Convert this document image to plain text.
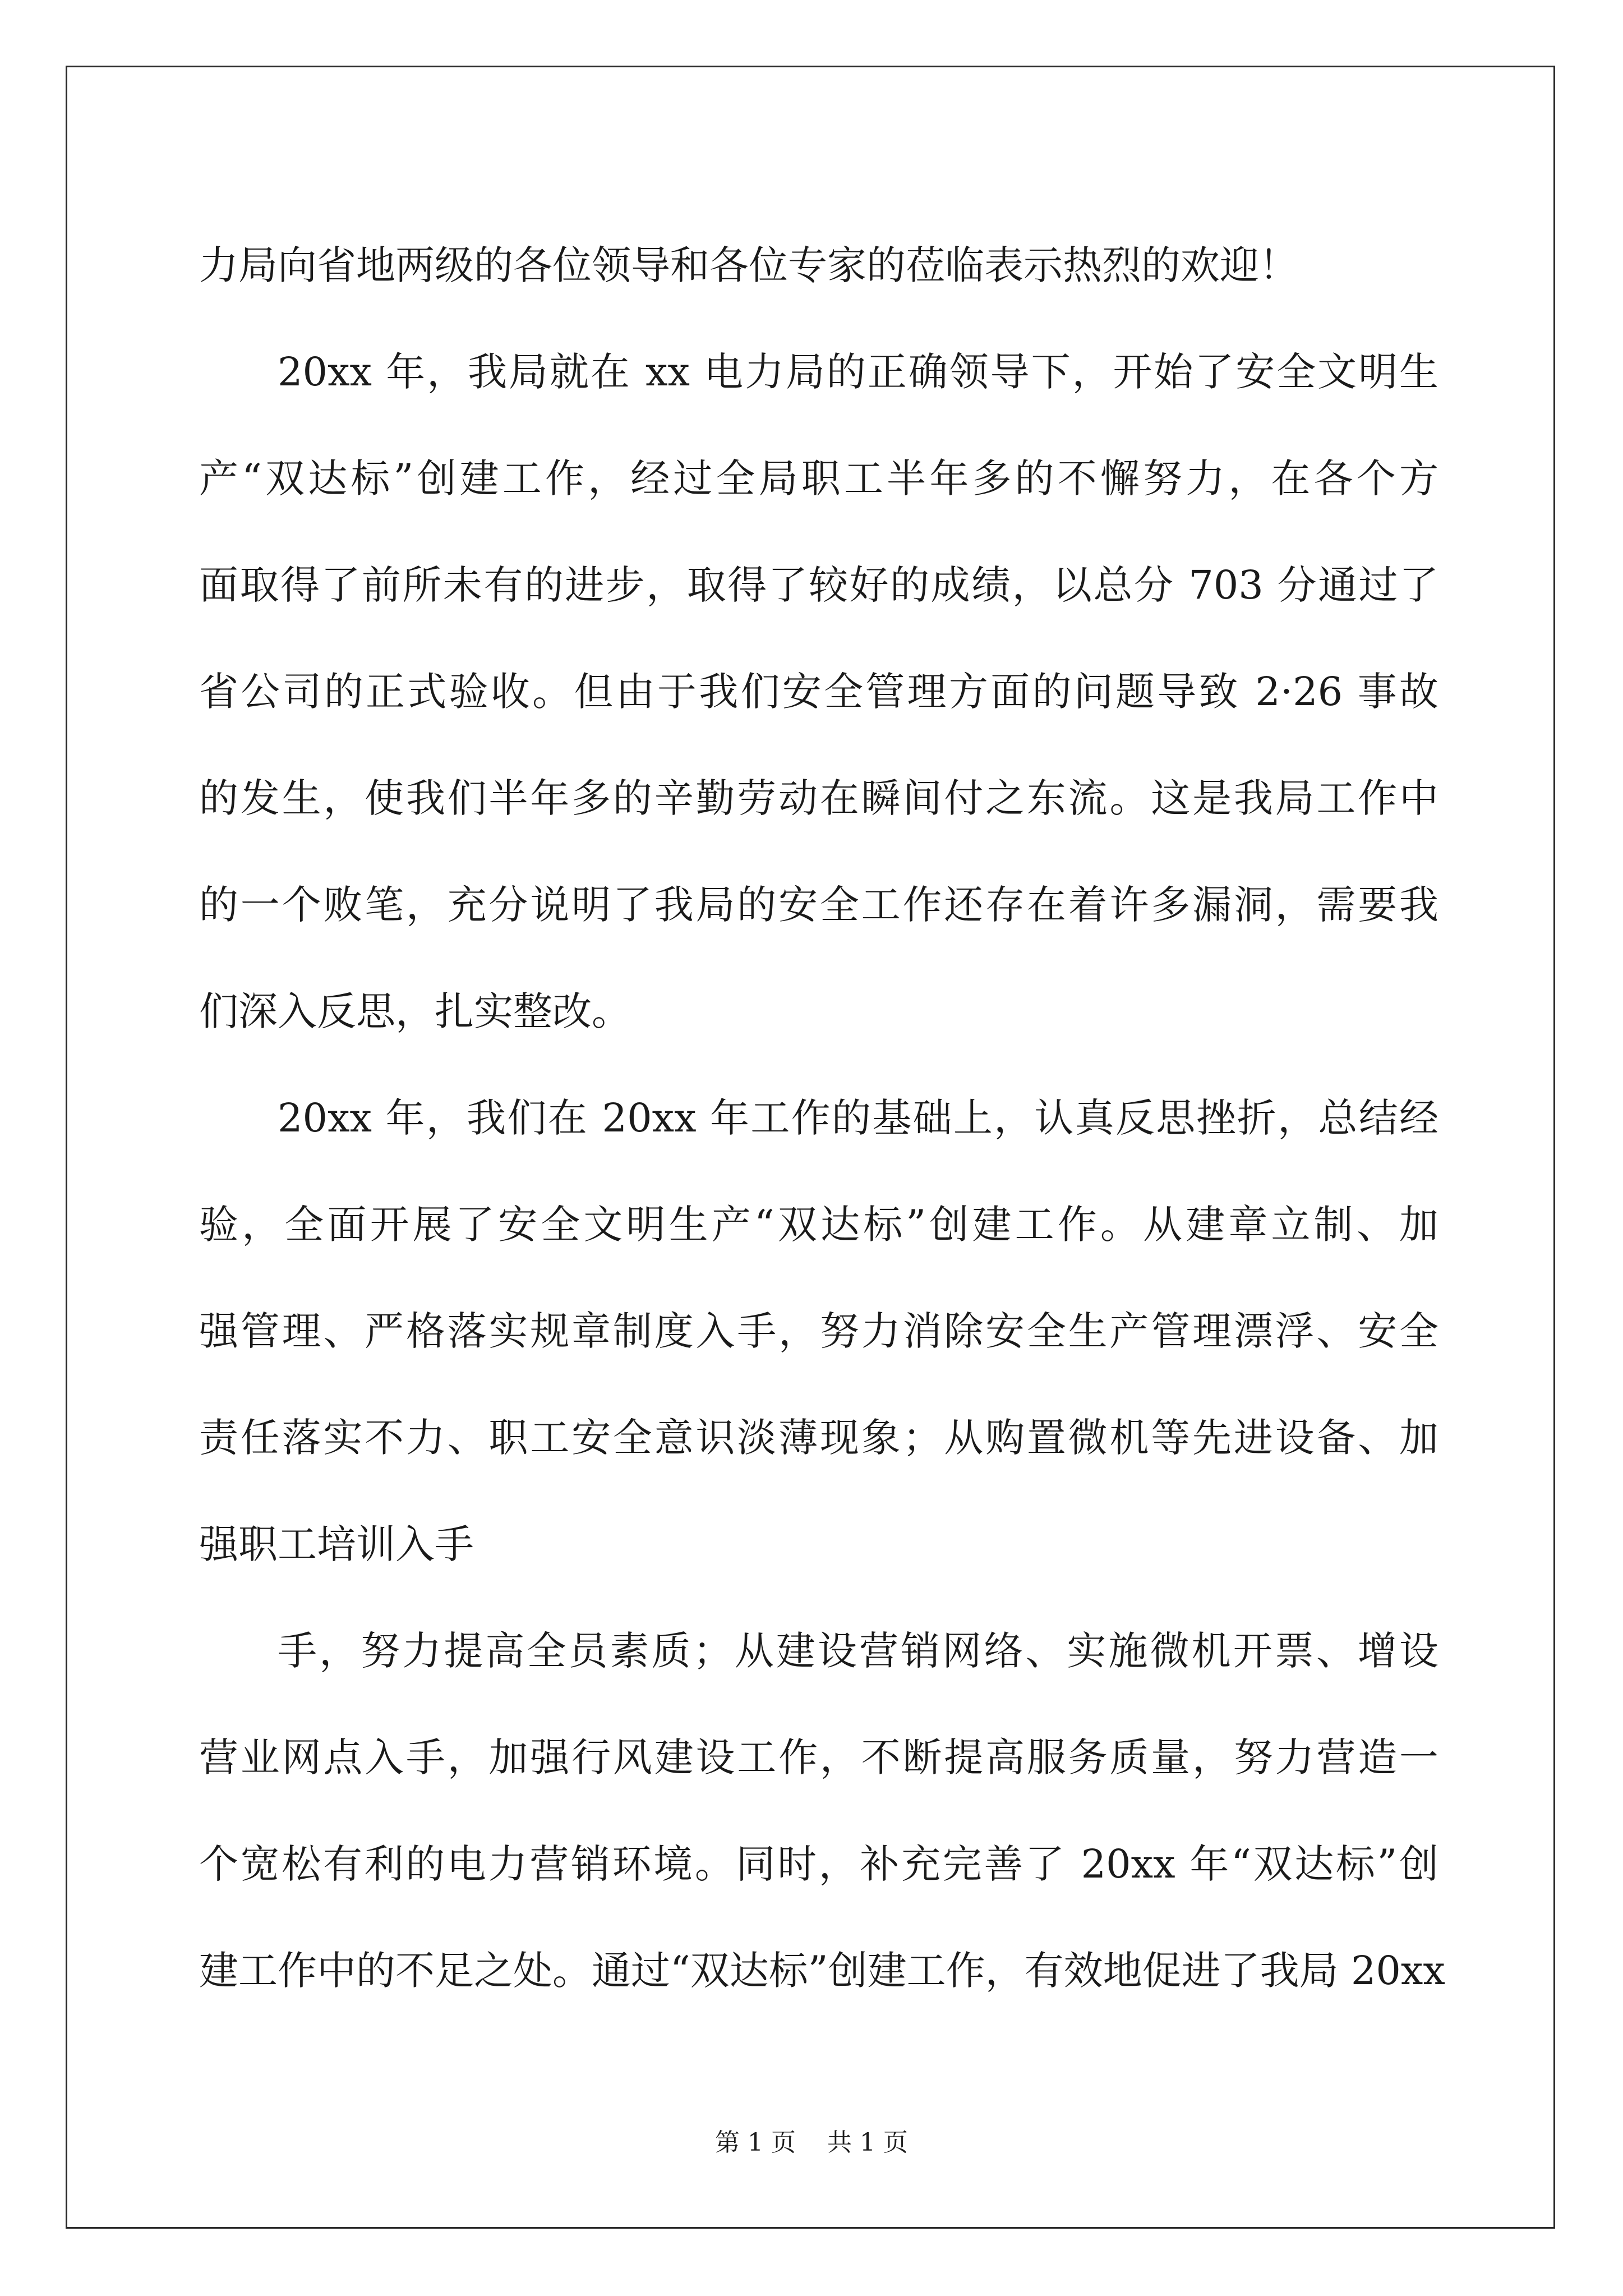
力局向省地两级的各位领导和各位专家的莅临表示热烈的欢迎！
20xx 年，我局就在 xx 电力局的正确领导下，开始了安全文明生
产“双达标”创建工作，经过全局职工半年多的不懈努力，在各个方
面取得了前所未有的进步，取得了较好的成绩，以总分 703 分通过了
省公司的正式验收。但由于我们安全管理方面的问题导致 2·26 事故
的发生，使我们半年多的辛勤劳动在瞬间付之东流。这是我局工作中
的一个败笔，充分说明了我局的安全工作还存在着许多漏洞，需要我
们深入反思，扎实整改。
20xx 年，我们在 20xx 年工作的基础上，认真反思挫折，总结经
验，全面开展了安全文明生产“双达标”创建工作。从建章立制、加
强管理、严格落实规章制度入手，努力消除安全生产管理漂浮、安全
责任落实不力、职工安全意识淡薄现象；从购置微机等先进设备、加
强职工培训入手
手，努力提高全员素质；从建设营销网络、实施微机开票、增设
营业网点入手，加强行风建设工作，不断提高服务质量，努力营造一
个宽松有利的电力营销环境。同时，补充完善了 20xx 年“双达标”创
建工作中的不足之处。通过“双达标”创建工作，有效地促进了我局 20xx
第 1 页    共 1 页
